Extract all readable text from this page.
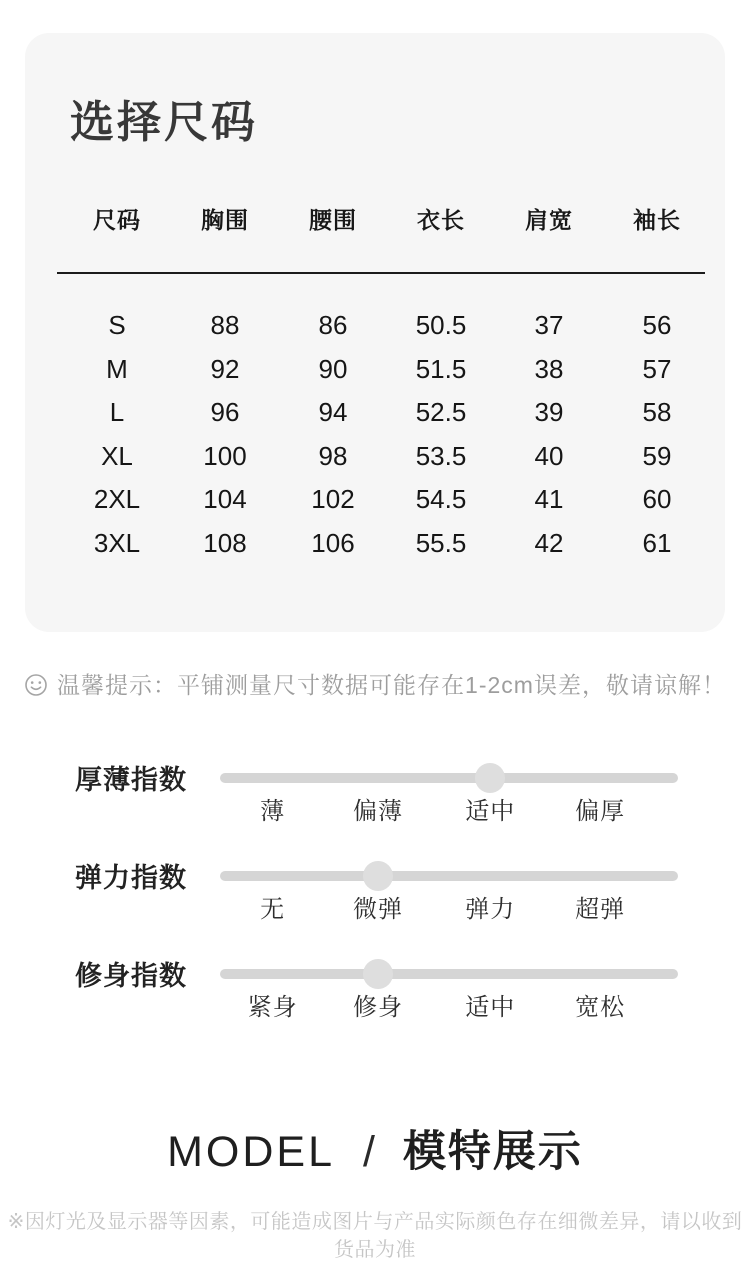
选择尺码
尺码	胸围	腰围	衣长	肩宽	袖长
S	88	86	50.5	37	56
M	92	90	51.5	38	57
L	96	94	52.5	39	58
XL	100	98	53.5	40	59
2XL	104	102	54.5	41	60
3XL	108	106	55.5	42	61
温馨提示：平铺测量尺寸数据可能存在1-2cm误差，敬请谅解！
厚薄指数
薄	偏薄	适中 偏厚
弹力指数
无	微弹	弹力 超弹
修身指数
紧身 修身	适中 宽松
MODEL / 模特展示
※因灯光及显示器等因素，可能造成图片与产品实际颜色存在细微差异，请以收到货品为准
